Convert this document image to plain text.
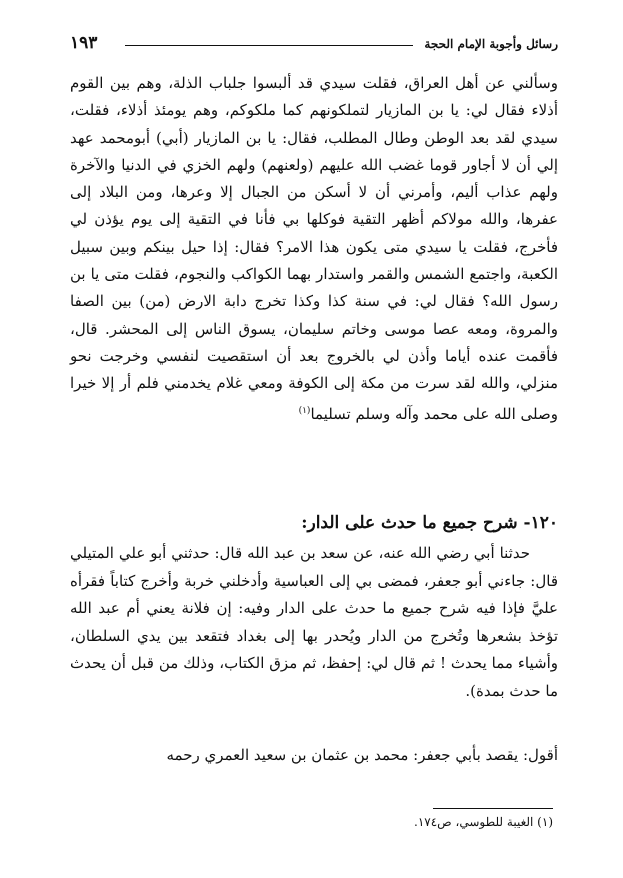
رسائل وأجوبة الإمام الحجة
١٩٣

وسألني عن أهل العراق، فقلت سيدي قد ألبسوا جلباب الذلة، وهم بين القوم أذلاء فقال لي: يا بن المازيار لتملكونهم كما ملكوكم، وهم يومئذ أذلاء، فقلت، سيدي لقد بعد الوطن وطال المطلب، فقال: يا بن المازيار (أبي) أبومحمد عهد إلي أن لا أجاور قوما غضب الله عليهم (ولعنهم) ولهم الخزي في الدنيا والآخرة ولهم عذاب أليم، وأمرني أن لا أسكن من الجبال إلا وعرها، ومن البلاد إلى عفرها، والله مولاكم أظهر التقية فوكلها بي فأنا في التقية إلى يوم يؤذن لي فأخرج، فقلت يا سيدي متى يكون هذا الامر؟ فقال: إذا حيل بينكم وبين سبيل الكعبة، واجتمع الشمس والقمر واستدار بهما الكواكب والنجوم، فقلت متى يا بن رسول الله؟ فقال لي: في سنة كذا وكذا تخرج دابة الارض (من) بين الصفا والمروة، ومعه عصا موسى وخاتم سليمان، يسوق الناس إلى المحشر. قال، فأقمت عنده أياما وأذن لي بالخروج بعد أن استقصيت لنفسي وخرجت نحو منزلي، والله لقد سرت من مكة إلى الكوفة ومعي غلام يخدمني فلم أر إلا خيرا وصلى الله على محمد وآله وسلم تسليما$^{(١)}$

١٢٠- شرح جميع ما حدث على الدار:

حدثنا أبي رضي الله عنه، عن سعد بن عبد الله قال: حدثني أبو علي المتيلي قال: جاءني أبو جعفر، فمضى بي إلى العباسية وأدخلني خربة وأخرج كتاباً فقرأه عليَّ فإذا فيه شرح جميع ما حدث على الدار وفيه: إن فلانة يعني أم عبد الله تؤخذ بشعرها وتُخرج من الدار ويُحدر بها إلى بغداد فتقعد بين يدي السلطان، وأشياء مما يحدث ! ثم قال لي: إحفظ، ثم مزق الكتاب، وذلك من قبل أن يحدث ما حدث بمدة).

أقول: يقصد بأبي جعفر: محمد بن عثمان بن سعيد العمري رحمه
(١) الغيبة للطوسي، ص١٧٤.
